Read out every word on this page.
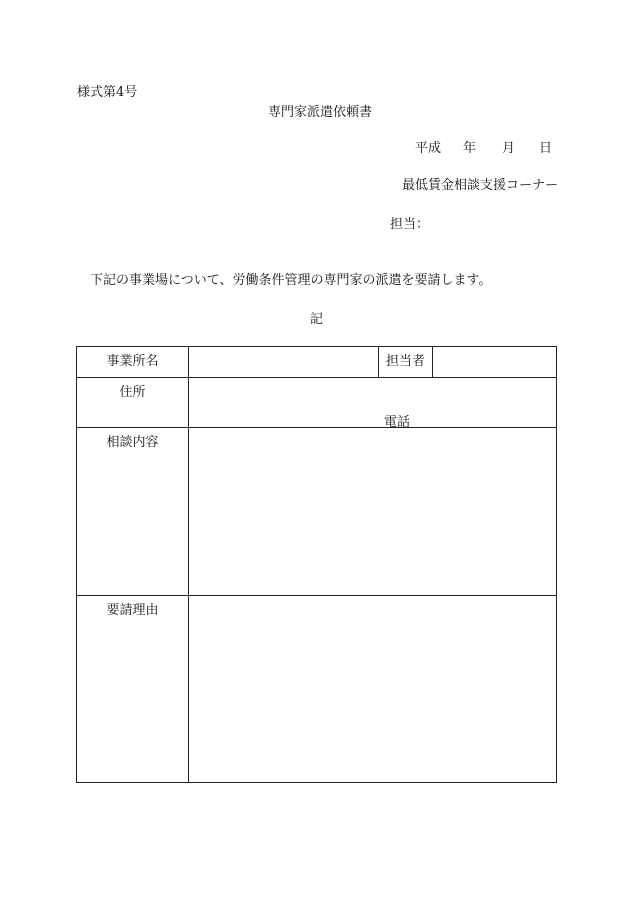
様式第4号
専門家派遣依頼書
平成 年 月 日
最低賃金相談支援コーナー
担当：
下記の事業場について、労働条件管理の専門家の派遣を要請します。
記
事業所名		担当者	
住所	電話		

相談内容			
要請理由			
